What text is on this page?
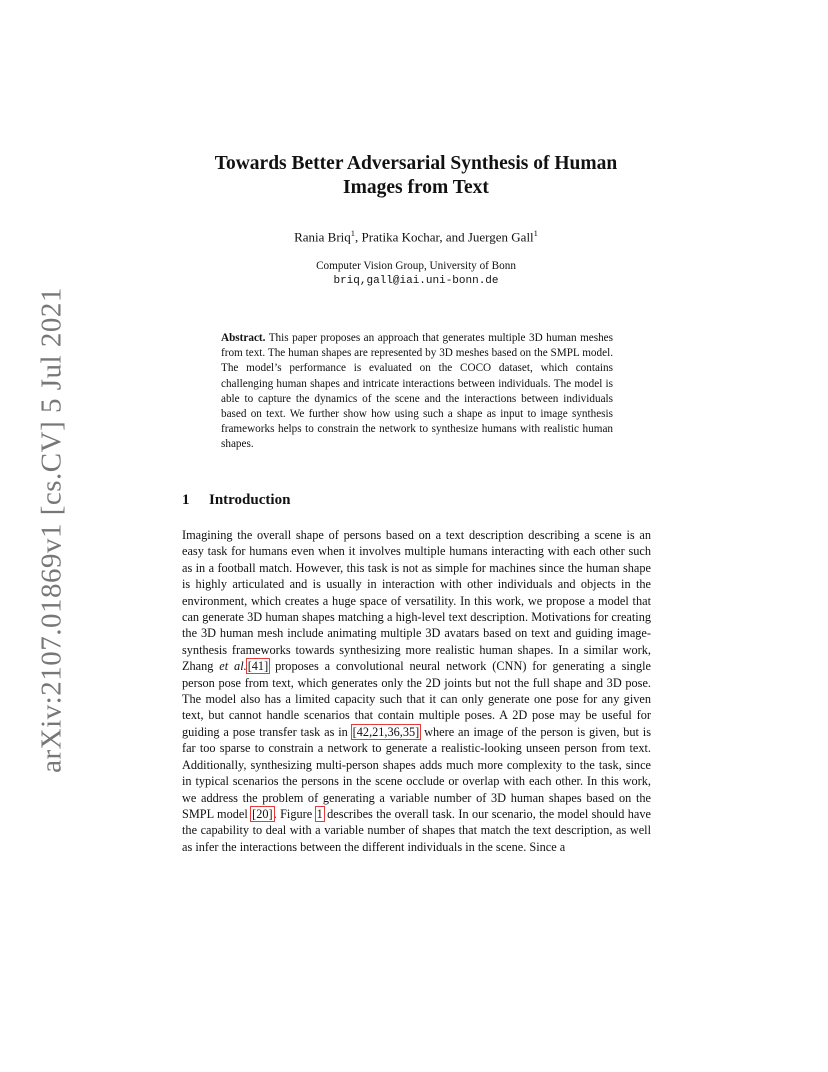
arXiv:2107.01869v1 [cs.CV] 5 Jul 2021
Towards Better Adversarial Synthesis of Human
Images from Text
Rania Briq$^1$, Pratika Kochar, and Juergen Gall$^1$
Computer Vision Group, University of Bonn
briq,gall@iai.uni-bonn.de
Abstract. This paper proposes an approach that generates multiple 3D human meshes from text. The human shapes are represented by 3D meshes based on the SMPL model. The model’s performance is evaluated on the COCO dataset, which contains challenging human shapes and intricate interactions between individuals. The model is able to capture the dynamics of the scene and the interactions between individuals based on text. We further show how using such a shape as input to image synthesis frameworks helps to constrain the network to synthesize humans with realistic human shapes.
1 Introduction
Imagining the overall shape of persons based on a text description describing a scene is an easy task for humans even when it involves multiple humans interacting with each other such as in a football match. However, this task is not as simple for machines since the human shape is highly articulated and is usually in interaction with other individuals and objects in the environment, which creates a huge space of versatility. In this work, we propose a model that can generate 3D human shapes matching a high-level text description. Motivations for creating the 3D human mesh include animating multiple 3D avatars based on text and guiding image-synthesis frameworks towards synthesizing more realistic human shapes. In a similar work, Zhang et al.[41] proposes a convolutional neural network (CNN) for generating a single person pose from text, which generates only the 2D joints but not the full shape and 3D pose. The model also has a limited capacity such that it can only generate one pose for any given text, but cannot handle scenarios that contain multiple poses. A 2D pose may be useful for guiding a pose transfer task as in [42,21,36,35] where an image of the person is given, but is far too sparse to constrain a network to generate a realistic-looking unseen person from text. Additionally, synthesizing multi-person shapes adds much more complexity to the task, since in typical scenarios the persons in the scene occlude or overlap with each other. In this work, we address the problem of generating a variable number of 3D human shapes based on the SMPL model [20]. Figure 1 describes the overall task. In our scenario, the model should have the capability to deal with a variable number of shapes that match the text description, as well as infer the interactions between the different individuals in the scene. Since a
